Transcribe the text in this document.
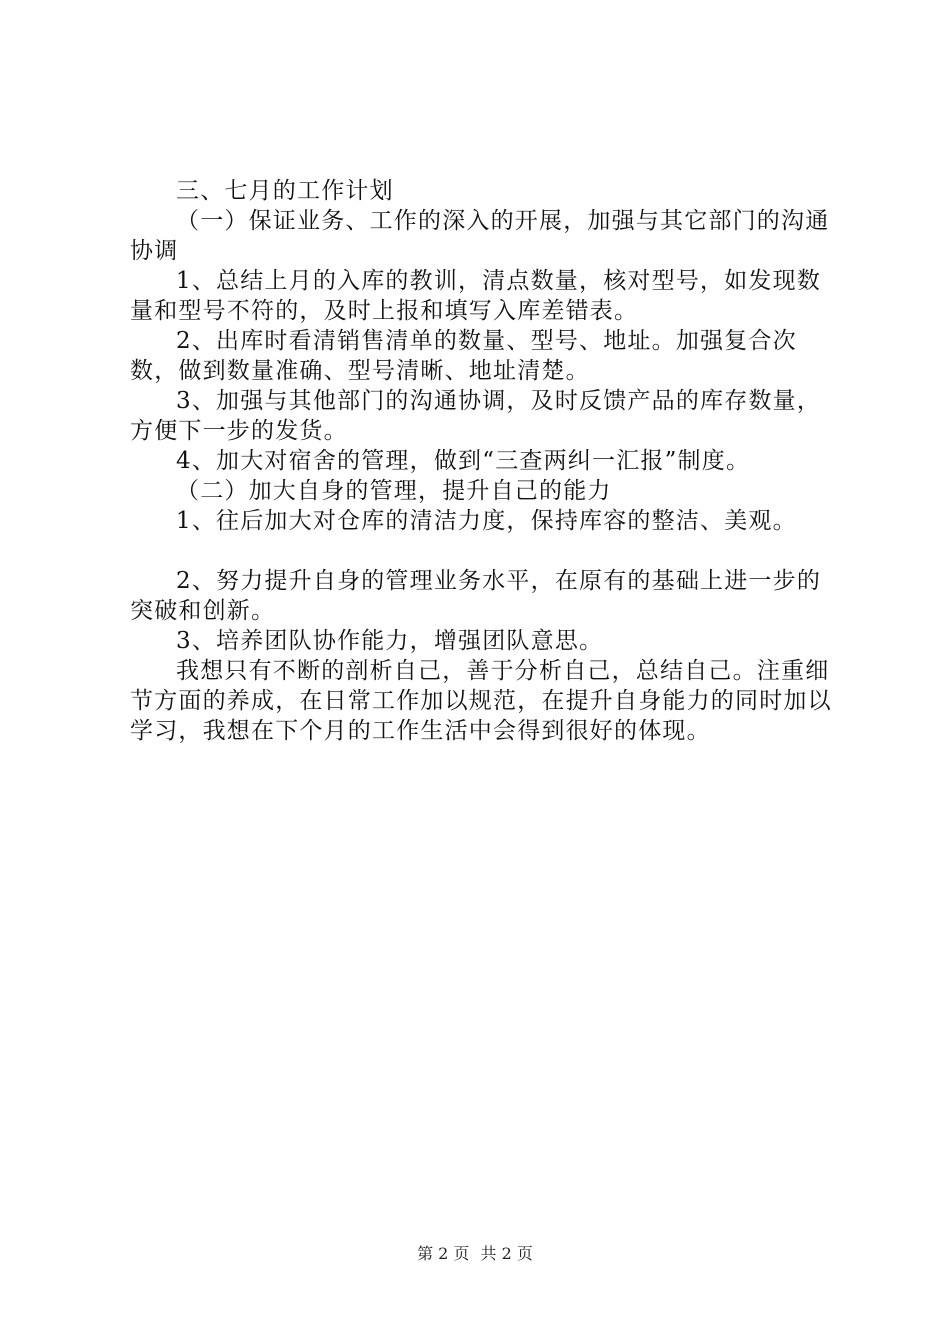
三、七月的工作计划

（一）保证业务、工作的深入的开展，加强与其它部门的沟通协调

1、总结上月的入库的教训，清点数量，核对型号，如发现数量和型号不符的，及时上报和填写入库差错表。

2、出库时看清销售清单的数量、型号、地址。加强复合次数，做到数量准确、型号清晰、地址清楚。

3、加强与其他部门的沟通协调，及时反馈产品的库存数量，方便下一步的发货。

4、加大对宿舍的管理，做到“三查两纠一汇报”制度。

（二）加大自身的管理，提升自己的能力

1、往后加大对仓库的清洁力度，保持库容的整洁、美观。

2、努力提升自身的管理业务水平，在原有的基础上进一步的突破和创新。

3、培养团队协作能力，增强团队意思。

我想只有不断的剖析自己，善于分析自己，总结自己。注重细节方面的养成，在日常工作加以规范，在提升自身能力的同时加以学习，我想在下个月的工作生活中会得到很好的体现。

第 2 页 共 2 页
